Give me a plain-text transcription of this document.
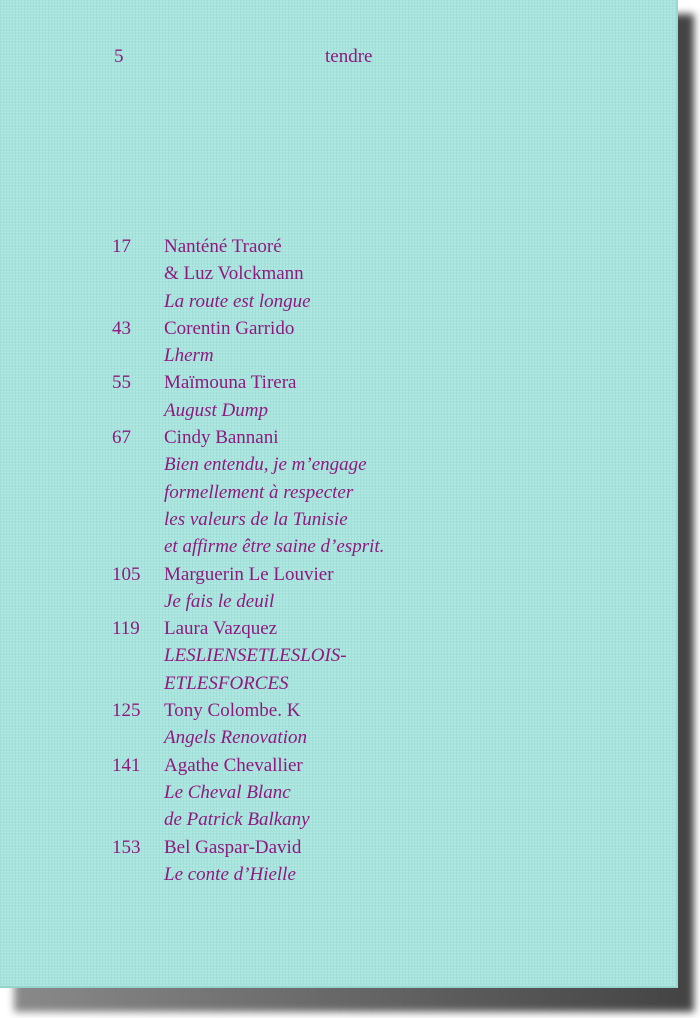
5	tendre
17	Nanténé Traoré
& Luz Volckmann
La route est longue
43	Corentin Garrido
Lherm
55	Maïmouna Tirera
August Dump
67	Cindy Bannani
Bien entendu, je m’engage
formellement à respecter
les valeurs de la Tunisie
et affirme être saine d’esprit.
105	Marguerin Le Louvier
Je fais le deuil
119	Laura Vazquez
LESLIENSETLESLOIS-
ETLESFORCES
125	Tony Colombe. K
Angels Renovation
141	Agathe Chevallier
Le Cheval Blanc
de Patrick Balkany
153	Bel Gaspar-David
Le conte d’Hielle
